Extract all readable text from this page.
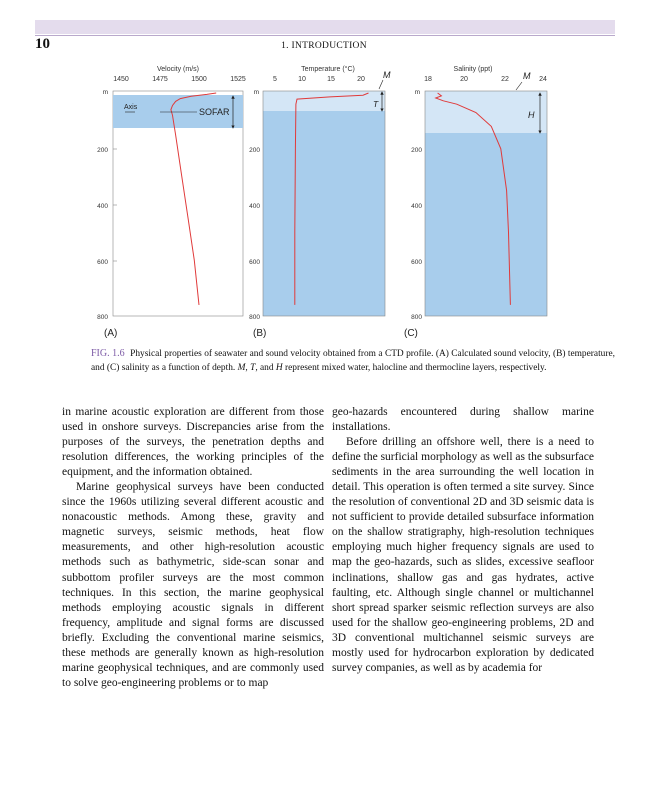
10	1. INTRODUCTION
Velocity (m/s)
1450	1475	1500	1525
m
200
400
600
800
Axis	SOFAR
(A)
Temperature (°C)
5	10	15	20
m
200
400
600
800
M
T
(B)
Salinity (ppt)
18	20	22	24
m
200
400
600
800
M
H
(C)
FIG. 1.6 Physical properties of seawater and sound velocity obtained from a CTD profile. (A) Calculated sound velocity, (B) temperature, and (C) salinity as a function of depth. M, T, and H represent mixed water, halocline and thermocline layers, respectively.

in marine acoustic exploration are different from those used in onshore surveys. Discrepancies arise from the purposes of the surveys, the penetration depths and resolution differences, the working principles of the equipment, and the information obtained.

Marine geophysical surveys have been conducted since the 1960s utilizing several different acoustic and nonacoustic methods. Among these, gravity and magnetic surveys, seismic methods, heat flow measurements, and other high-resolution acoustic methods such as bathymetric, side-scan sonar and subbottom profiler surveys are the most common techniques. In this section, the marine geophysical methods employing acoustic signals in different frequency, amplitude and signal forms are discussed briefly. Excluding the conventional marine seismics, these methods are generally known as high-resolution marine geophysical techniques, and are commonly used to solve geo-engineering problems or to map

geo-hazards encountered during shallow marine installations.

Before drilling an offshore well, there is a need to define the surficial morphology as well as the subsurface sediments in the area surrounding the well location in detail. This operation is often termed a site survey. Since the resolution of conventional 2D and 3D seismic data is not sufficient to provide detailed subsurface information on the shallow stratigraphy, high-resolution techniques employing much higher frequency signals are used to map the geo-hazards, such as slides, excessive seafloor inclinations, shallow gas and gas hydrates, active faulting, etc. Although single channel or multichannel short spread sparker seismic reflection surveys are also used for the shallow geo-engineering problems, 2D and 3D conventional multichannel seismic surveys are mostly used for hydrocarbon exploration by dedicated survey companies, as well as by academia for
